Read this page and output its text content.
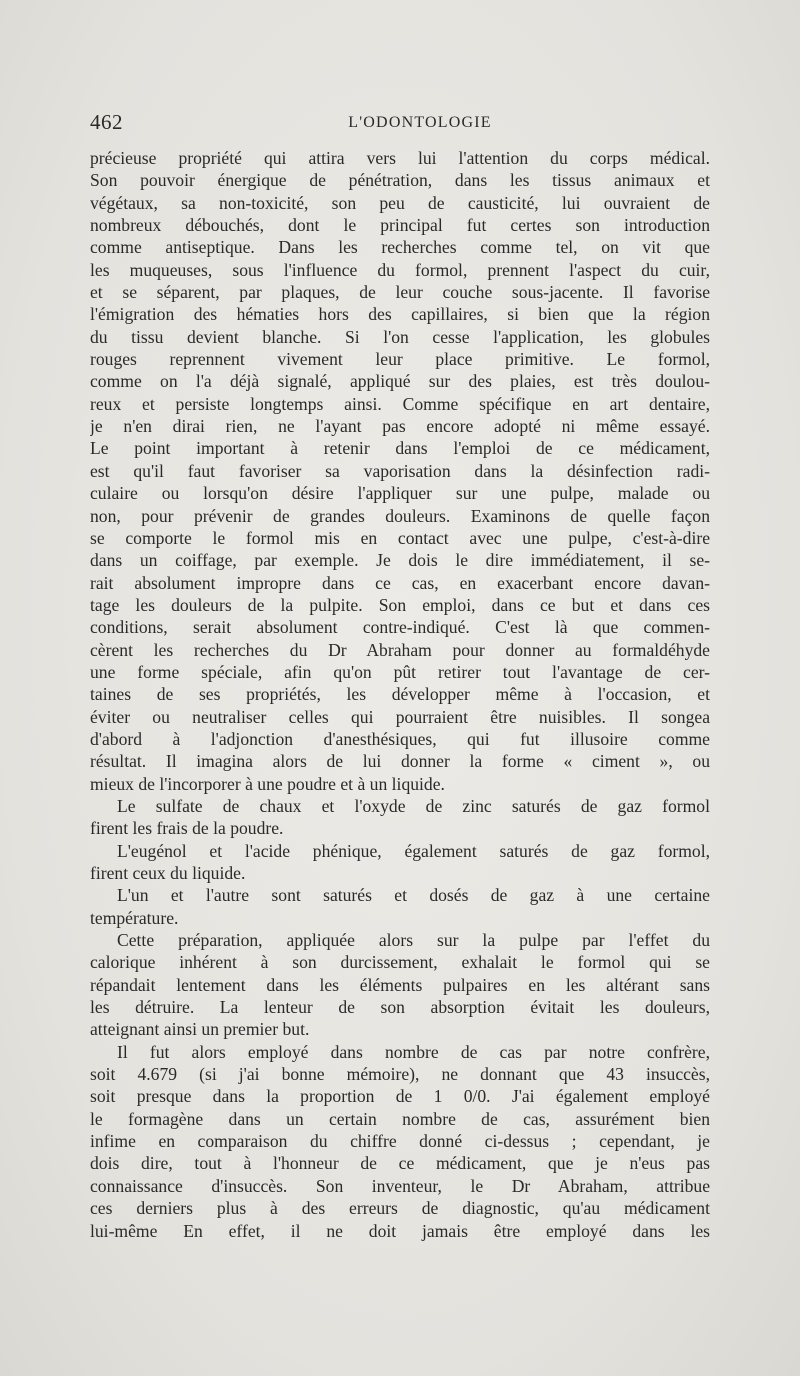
462	L'ODONTOLOGIE
précieuse propriété qui attira vers lui l'attention du corps médical.
Son pouvoir énergique de pénétration, dans les tissus animaux et
végétaux, sa non-toxicité, son peu de causticité, lui ouvraient de
nombreux débouchés, dont le principal fut certes son introduction
comme antiseptique. Dans les recherches comme tel, on vit que
les muqueuses, sous l'influence du formol, prennent l'aspect du cuir,
et se séparent, par plaques, de leur couche sous-jacente. Il favorise
l'émigration des hématies hors des capillaires, si bien que la région
du tissu devient blanche. Si l'on cesse l'application, les globules
rouges reprennent vivement leur place primitive. Le formol,
comme on l'a déjà signalé, appliqué sur des plaies, est très doulou-
reux et persiste longtemps ainsi. Comme spécifique en art dentaire,
je n'en dirai rien, ne l'ayant pas encore adopté ni même essayé.
Le point important à retenir dans l'emploi de ce médicament,
est qu'il faut favoriser sa vaporisation dans la désinfection radi-
culaire ou lorsqu'on désire l'appliquer sur une pulpe, malade ou
non, pour prévenir de grandes douleurs. Examinons de quelle façon
se comporte le formol mis en contact avec une pulpe, c'est-à-dire
dans un coiffage, par exemple. Je dois le dire immédiatement, il se-
rait absolument impropre dans ce cas, en exacerbant encore davan-
tage les douleurs de la pulpite. Son emploi, dans ce but et dans ces
conditions, serait absolument contre-indiqué. C'est là que commen-
cèrent les recherches du Dr Abraham pour donner au formaldéhyde
une forme spéciale, afin qu'on pût retirer tout l'avantage de cer-
taines de ses propriétés, les développer même à l'occasion, et
éviter ou neutraliser celles qui pourraient être nuisibles. Il songea
d'abord à l'adjonction d'anesthésiques, qui fut illusoire comme
résultat. Il imagina alors de lui donner la forme « ciment », ou
mieux de l'incorporer à une poudre et à un liquide.
Le sulfate de chaux et l'oxyde de zinc saturés de gaz formol
firent les frais de la poudre.
L'eugénol et l'acide phénique, également saturés de gaz formol,
firent ceux du liquide.
L'un et l'autre sont saturés et dosés de gaz à une certaine
température.
Cette préparation, appliquée alors sur la pulpe par l'effet du
calorique inhérent à son durcissement, exhalait le formol qui se
répandait lentement dans les éléments pulpaires en les altérant sans
les détruire. La lenteur de son absorption évitait les douleurs,
atteignant ainsi un premier but.
Il fut alors employé dans nombre de cas par notre confrère,
soit 4.679 (si j'ai bonne mémoire), ne donnant que 43 insuccès,
soit presque dans la proportion de 1 0/0. J'ai également employé
le formagène dans un certain nombre de cas, assurément bien
infime en comparaison du chiffre donné ci-dessus ; cependant, je
dois dire, tout à l'honneur de ce médicament, que je n'eus pas
connaissance d'insuccès. Son inventeur, le Dr Abraham, attribue
ces derniers plus à des erreurs de diagnostic, qu'au médicament
lui-même En effet, il ne doit jamais être employé dans les
